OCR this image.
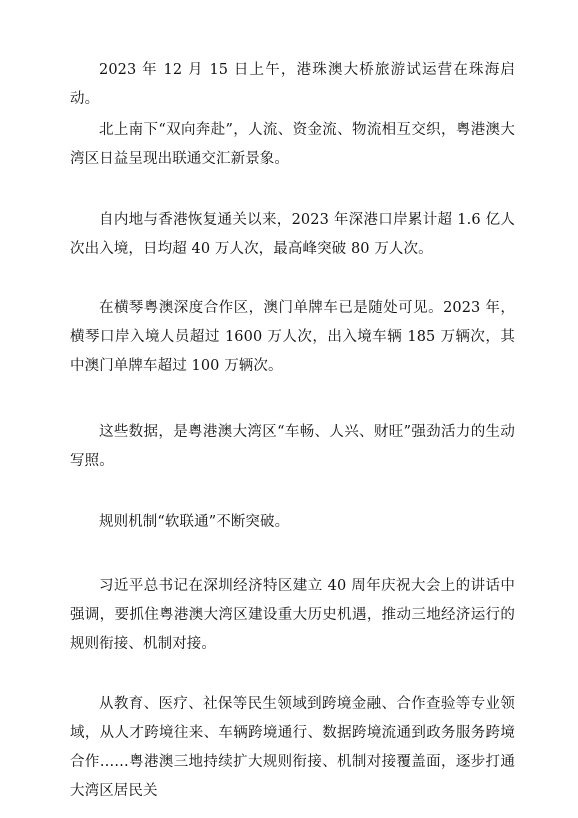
2023 年 12 月 15 日上午，港珠澳大桥旅游试运营在珠海启动。

北上南下“双向奔赴”，人流、资金流、物流相互交织，粤港澳大湾区日益呈现出联通交汇新景象。

自内地与香港恢复通关以来，2023 年深港口岸累计超 1.6 亿人次出入境，日均超 40 万人次，最高峰突破 80 万人次。

在横琴粤澳深度合作区，澳门单牌车已是随处可见。2023 年，横琴口岸入境人员超过 1600 万人次，出入境车辆 185 万辆次，其中澳门单牌车超过 100 万辆次。

这些数据，是粤港澳大湾区“车畅、人兴、财旺”强劲活力的生动写照。

规则机制“软联通”不断突破。

习近平总书记在深圳经济特区建立 40 周年庆祝大会上的讲话中强调，要抓住粤港澳大湾区建设重大历史机遇，推动三地经济运行的规则衔接、机制对接。

从教育、医疗、社保等民生领域到跨境金融、合作查验等专业领域，从人才跨境往来、车辆跨境通行、数据跨境流通到政务服务跨境合作……粤港澳三地持续扩大规则衔接、机制对接覆盖面，逐步打通大湾区居民关
